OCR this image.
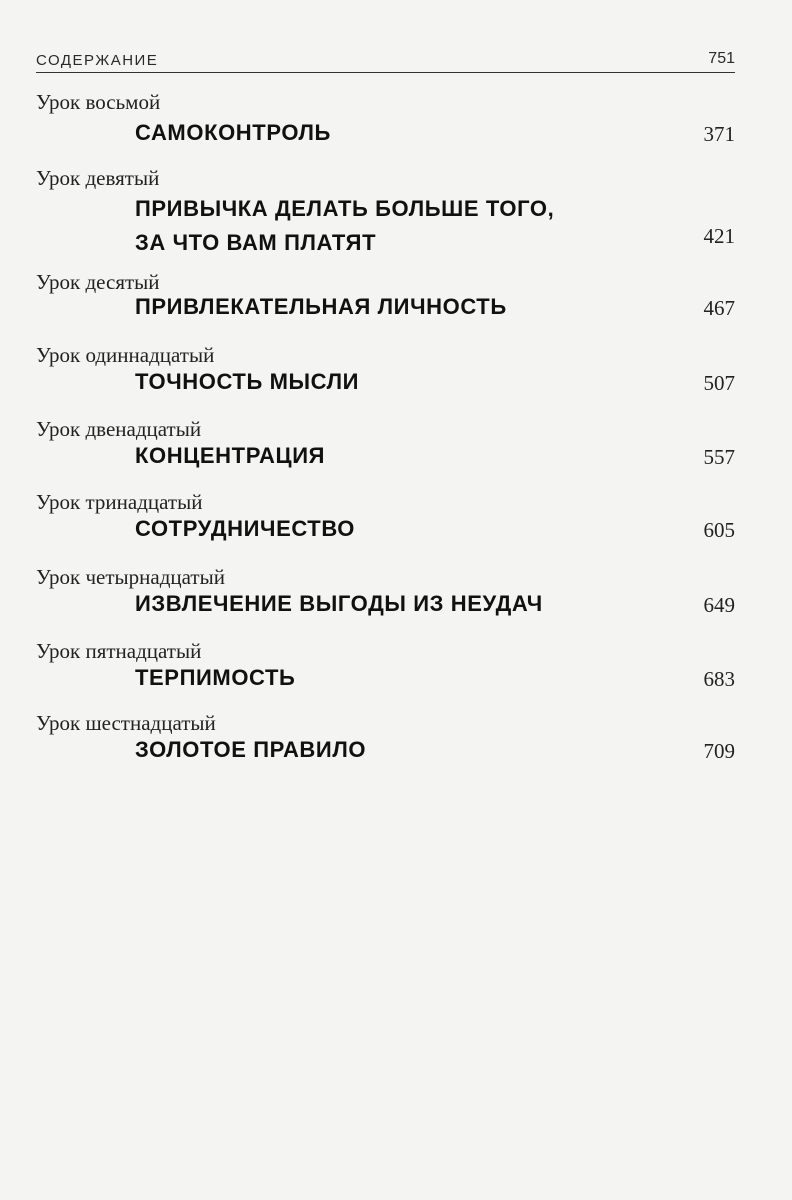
СОДЕРЖАНИЕ	751
Урок восьмой
САМОКОНТРОЛЬ	371
Урок девятый
ПРИВЫЧКА ДЕЛАТЬ БОЛЬШЕ ТОГО,
ЗА ЧТО ВАМ ПЛАТЯТ	421
Урок десятый
ПРИВЛЕКАТЕЛЬНАЯ ЛИЧНОСТЬ	467
Урок одиннадцатый
ТОЧНОСТЬ МЫСЛИ	507
Урок двенадцатый
КОНЦЕНТРАЦИЯ	557
Урок тринадцатый
СОТРУДНИЧЕСТВО	605
Урок четырнадцатый
ИЗВЛЕЧЕНИЕ ВЫГОДЫ ИЗ НЕУДАЧ	649
Урок пятнадцатый
ТЕРПИМОСТЬ	683
Урок шестнадцатый
ЗОЛОТОЕ ПРАВИЛО	709
